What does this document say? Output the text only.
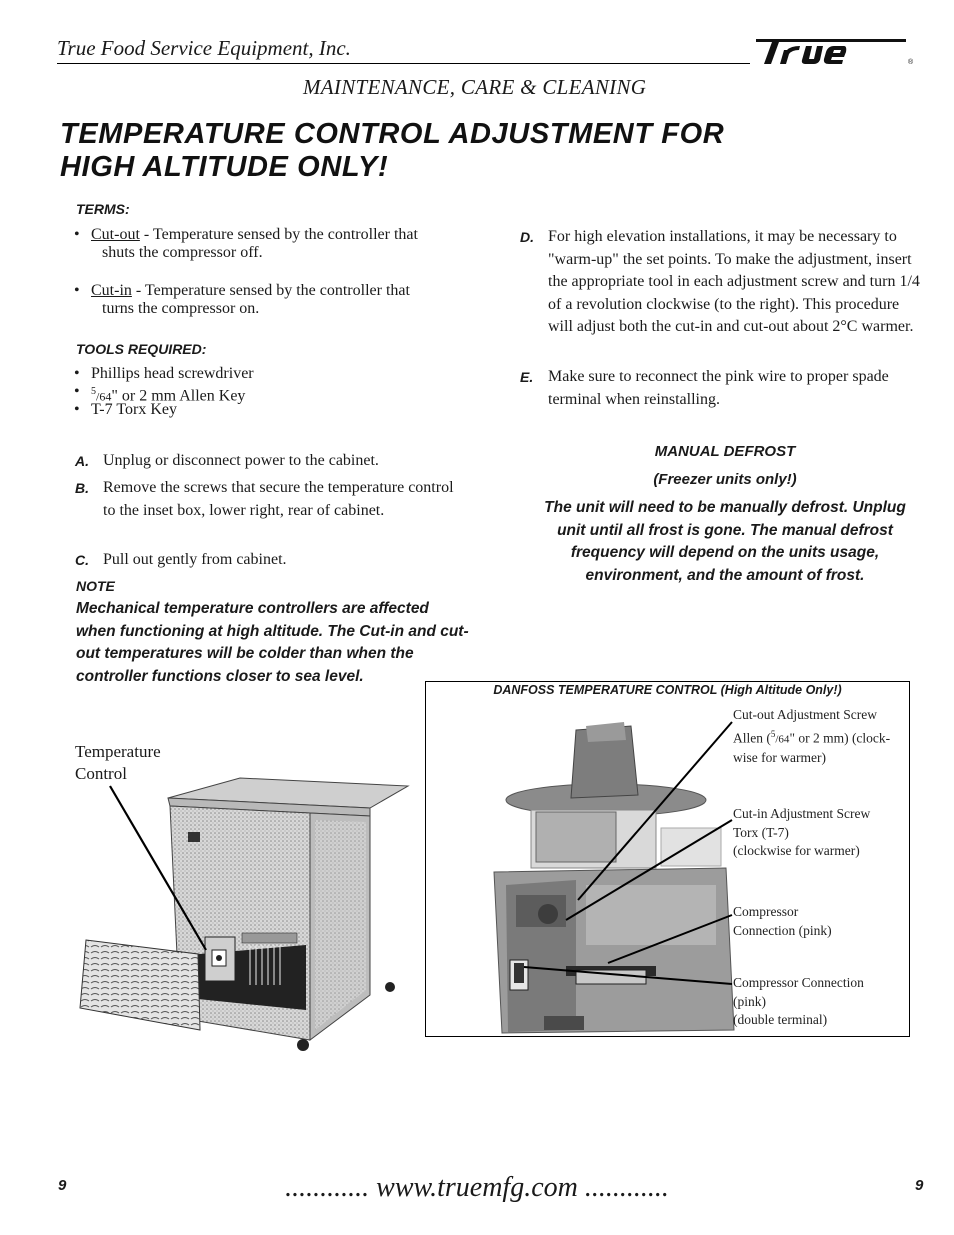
True Food Service Equipment, Inc.
®
MAINTENANCE, CARE & CLEANING
TEMPERATURE CONTROL ADJUSTMENT FOR
HIGH ALTITUDE ONLY!
TERMS:
• Cut-out - Temperature sensed by the controller that
shuts the compressor off.
• Cut-in - Temperature sensed by the controller that
turns the compressor on.
TOOLS REQUIRED:
• Phillips head screwdriver
•	$^5$/64" or 2 mm Allen Key
• T-7 Torx Key
A. Unplug or disconnect power to the cabinet.
B. Remove the screws that secure the temperature control to the inset box, lower right, rear of cabinet.
C. Pull out gently from cabinet.
NOTE
Mechanical temperature controllers are affected when functioning at high altitude. The Cut-in and cut-out temperatures will be colder than when the controller functions closer to sea level.
D. For high elevation installations, it may be necessary to "warm-up" the set points. To make the adjustment, insert the appropriate tool in each adjustment screw and turn 1/4 of a revolution clockwise (to the right). This procedure will adjust both the cut-in and cut-out about 2°C warmer.
E. Make sure to reconnect the pink wire to proper spade terminal when reinstalling.
MANUAL DEFROST
(Freezer units only!)
The unit will need to be manually defrost. Unplug unit until all frost is gone. The manual defrost frequency will depend on the units usage, environment, and the amount of frost.
Temperature
Control
DANFOSS TEMPERATURE CONTROL (High Altitude Only!)
Cut-out Adjustment Screw
Allen ($^5$/64" or 2 mm) (clock-
wise for warmer)
Cut-in Adjustment Screw
Torx (T-7)
(clockwise for warmer)
Compressor
Connection (pink)
Compressor Connection
(pink)
(double terminal)
9	............ www.truemfg.com ............	9
